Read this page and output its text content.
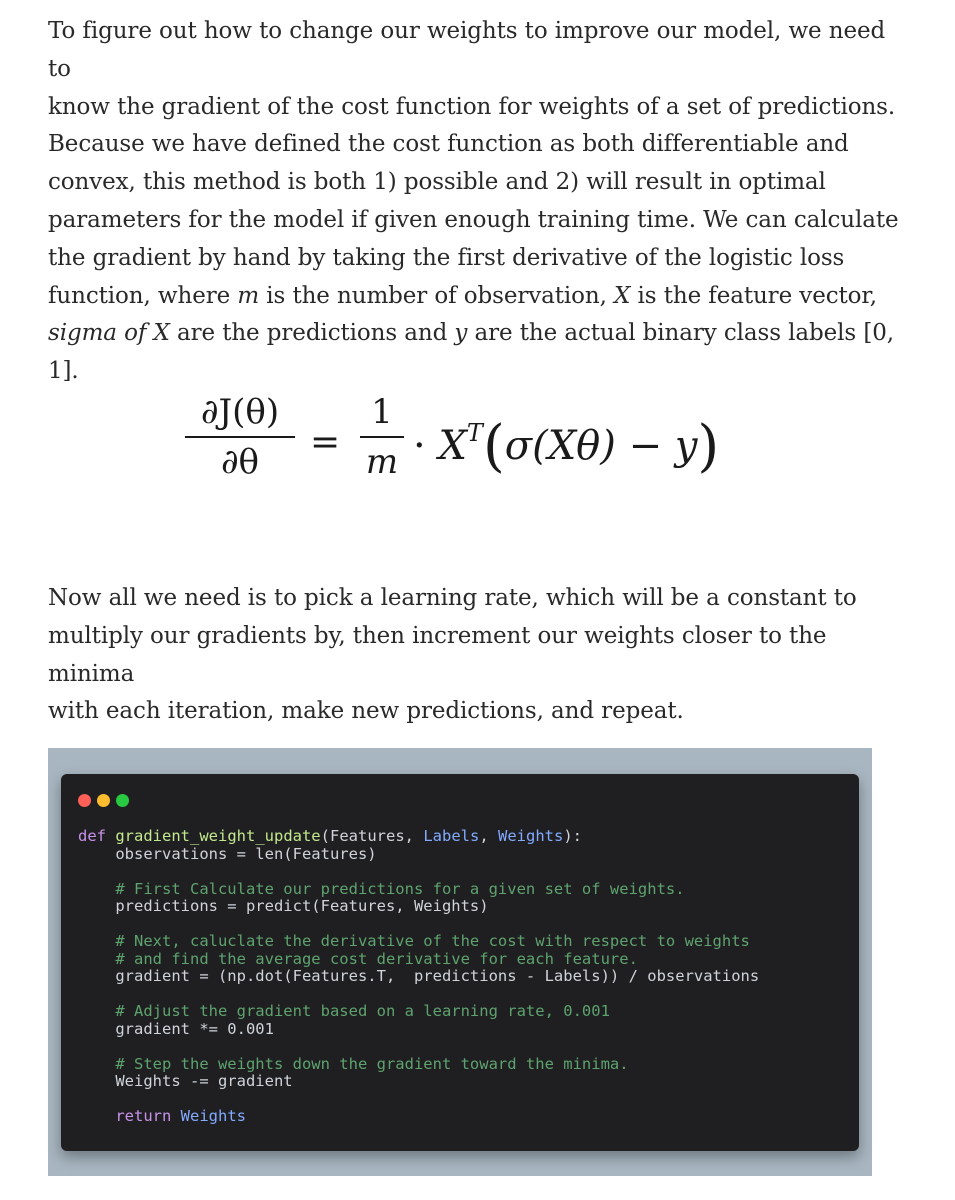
To figure out how to change our weights to improve our model, we need to
know the gradient of the cost function for weights of a set of predictions.
Because we have defined the cost function as both differentiable and
convex, this method is both 1) possible and 2) will result in optimal
parameters for the model if given enough training time. We can calculate
the gradient by hand by taking the first derivative of the logistic loss
function, where m is the number of observation, X is the feature vector,
sigma of X are the predictions and y are the actual binary class labels [0, 1].

∂J(θ)
∂θ	=
1
$m \cdot X^T(\sigma(X\theta) - y)$

Now all we need is to pick a learning rate, which will be a constant to
multiply our gradients by, then increment our weights closer to the minima
with each iteration, make new predictions, and repeat.

def gradient_weight_update(Features, Labels, Weights):
observations = len(Features)

# First Calculate our predictions for a given set of weights.
predictions = predict(Features, Weights)

# Next, caluclate the derivative of the cost with respect to weights
# and find the average cost derivative for each feature.
gradient = (np.dot(Features.T,  predictions - Labels)) / observations

# Adjust the gradient based on a learning rate, 0.001
gradient *= 0.001

# Step the weights down the gradient toward the minima.
Weights -= gradient

return Weights
